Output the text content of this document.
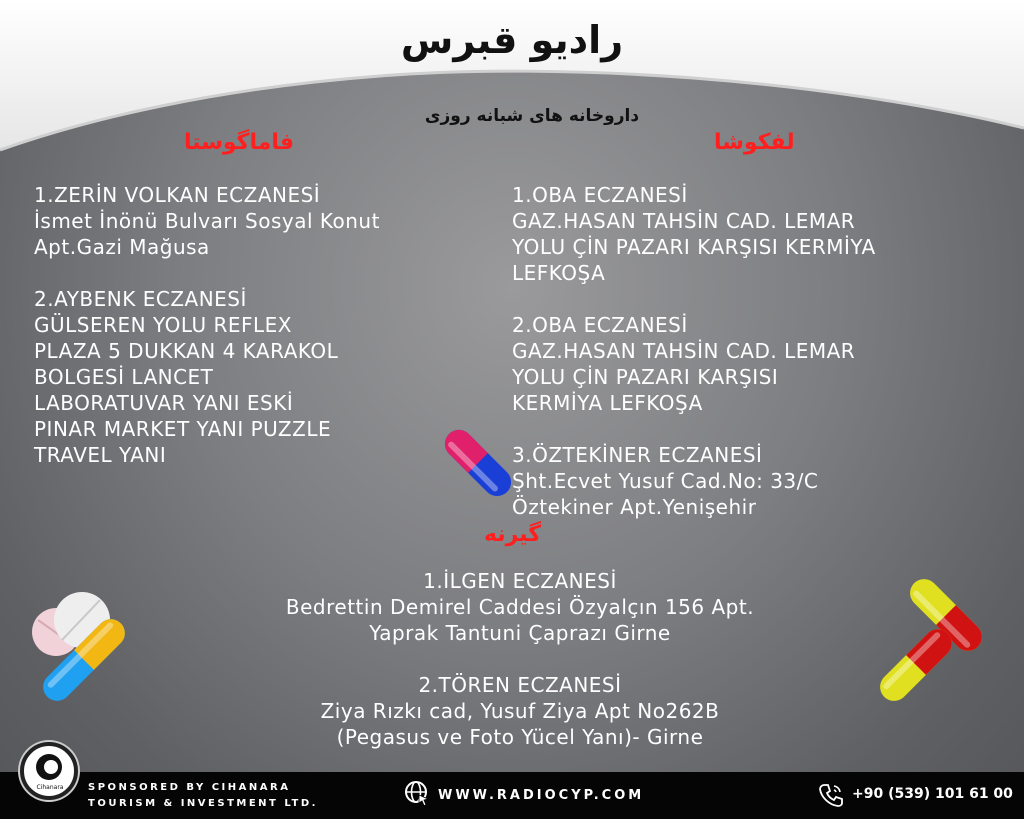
رادیو قبرس
داروخانه های شبانه روزی
فاماگوستا	لفکوشا
گیرنه
1.ZERİN VOLKAN ECZANESİ
İsmet İnönü Bulvarı Sosyal Konut
Apt.Gazi Mağusa
2.AYBENK ECZANESİ
GÜLSEREN YOLU REFLEX
PLAZA 5 DUKKAN 4 KARAKOL
BOLGESİ LANCET
LABORATUVAR YANI ESKİ
PINAR MARKET YANI PUZZLE
TRAVEL YANI
1.OBA ECZANESİ
GAZ.HASAN TAHSİN CAD. LEMAR
YOLU ÇİN PAZARI KARŞISI KERMİYA
LEFKOŞA
2.OBA ECZANESİ
GAZ.HASAN TAHSİN CAD. LEMAR
YOLU ÇİN PAZARI KARŞISI
KERMİYA LEFKOŞA
3.ÖZTEKİNER ECZANESİ
Şht.Ecvet Yusuf Cad.No: 33/C
Öztekiner Apt.Yenişehir
1.İLGEN ECZANESİ
Bedrettin Demirel Caddesi Özyalçın 156 Apt.
Yaprak Tantuni Çaprazı Girne
2.TÖREN ECZANESİ
Ziya Rızkı cad, Yusuf Ziya Apt No262B
(Pegasus ve Foto Yücel Yanı)- Girne
Cihanara	SPONSORED BY CIHANARA
TOURISM & INVESTMENT LTD.
WWW.RADIOCYP.COM	+90 (539) 101 61 00
